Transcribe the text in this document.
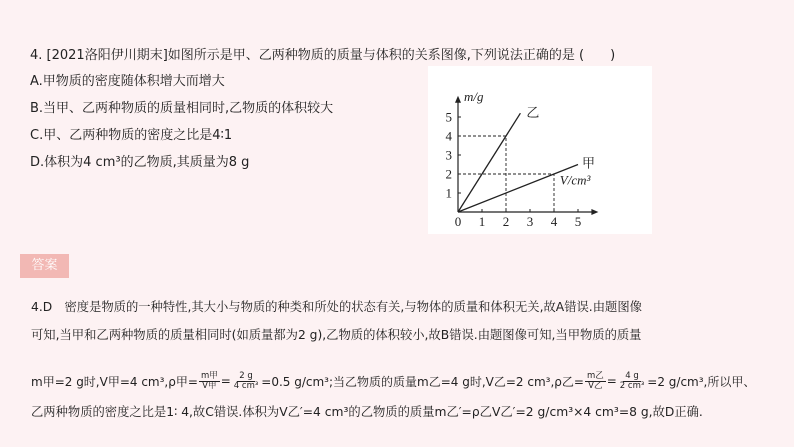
4. [2021洛阳伊川期末]如图所示是甲、乙两种物质的质量与体积的关系图像,下列说法正确的是 (　　)
A.甲物质的密度随体积增大而增大
B.当甲、乙两种物质的质量相同时,乙物质的体积较大
C.甲、乙两种物质的密度之比是4∶1
D.体积为4 cm³的乙物质,其质量为8 g
0 1 2 3 4 5
1
2
3
4
5
m/g
V/cm³
乙
甲
答案
4.D　密度是物质的一种特性,其大小与物质的种类和所处的状态有关,与物体的质量和体积无关,故A错误.由题图像
可知,当甲和乙两种物质的质量相同时(如质量都为2 g),乙物质的体积较小,故B错误.由题图像可知,当甲物质的质量
m甲=2 g时,V甲=4 cm³,ρ甲= $\frac{\text{m甲}}{\text{V甲}} = \frac{2 g}{\text{4 cm³}} =0.5$ g/cm³;当乙物质的质量m乙=4 g时,V乙=2 cm³,ρ乙= $\frac{\text{m乙}}{\text{V乙}} = \frac{4 g}{\text{2 cm³}} =2$ g/cm³,所以甲、
乙两种物质的密度之比是1∶ 4,故C错误.体积为V乙′=4 cm³的乙物质的质量m乙′=ρ乙V乙′=2 g/cm³×4 cm³=8 g,故D正确.
